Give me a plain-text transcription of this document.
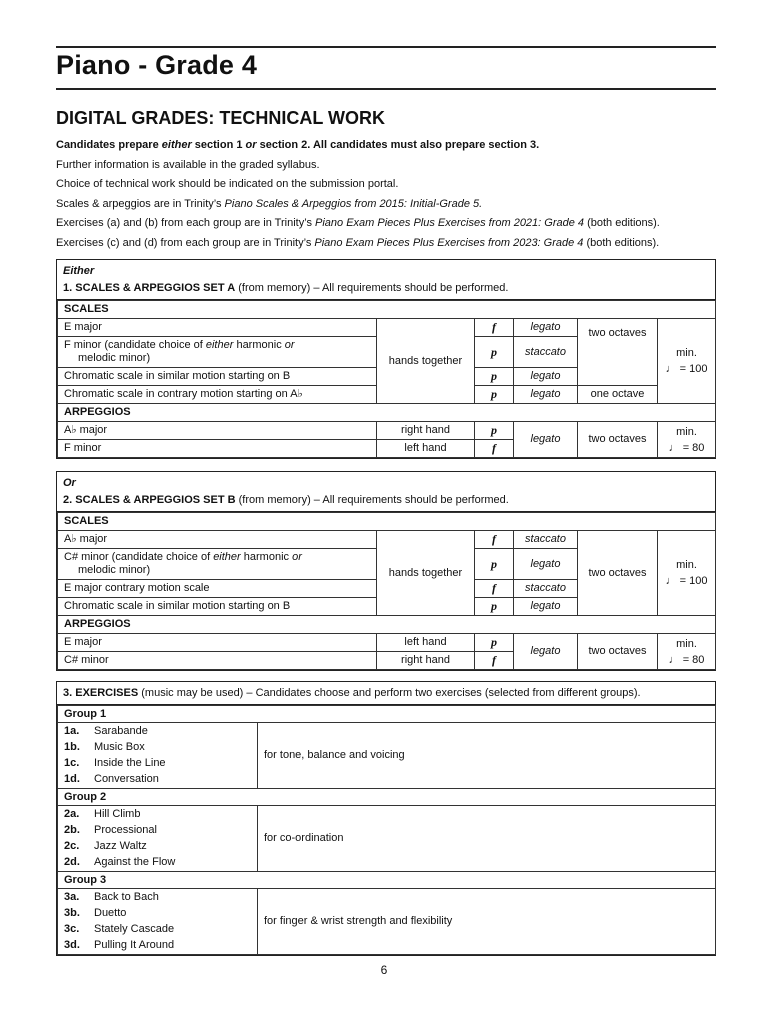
Piano - Grade 4
DIGITAL GRADES: TECHNICAL WORK
Candidates prepare either section 1 or section 2. All candidates must also prepare section 3.
Further information is available in the graded syllabus.
Choice of technical work should be indicated on the submission portal.
Scales & arpeggios are in Trinity’s Piano Scales & Arpeggios from 2015: Initial-Grade 5.
Exercises (a) and (b) from each group are in Trinity’s Piano Exam Pieces Plus Exercises from 2021: Grade 4 (both editions).
Exercises (c) and (d) from each group are in Trinity’s Piano Exam Pieces Plus Exercises from 2023: Grade 4 (both editions).
Either
1. SCALES & ARPEGGIOS SET A (from memory) – All requirements should be performed.
SCALES					
E major	hands together	f	legato	two octaves	min.
♩ = 100

F minor (candidate choice of either harmonic or
melodic minor)		p	staccato		
Chromatic scale in similar motion starting on B		p	legato		
Chromatic scale in contrary motion starting on A♭		p	legato	one octave	
ARPEGGIOS					
A♭ major	right hand	p	legato	two octaves	min.
♩ = 80

F minor	left hand	f			
Or
2. SCALES & ARPEGGIOS SET B (from memory) – All requirements should be performed.
SCALES					
A♭ major	hands together	f	staccato	two octaves	min.
♩ = 100

C# minor (candidate choice of either harmonic or
melodic minor)		p	legato		
E major contrary motion scale		f	staccato		
Chromatic scale in similar motion starting on B		p	legato		
ARPEGGIOS					
E major	left hand	p	legato	two octaves	min.
♩ = 80

C# minor	right hand	f			
3. EXERCISES (music may be used) – Candidates choose and perform two exercises (selected from different groups).
Group 1	

1a. Sarabande
1b. Music Box
1c. Inside the Line
1d. Conversation	for tone, balance and voicing
Group 2	

2a. Hill Climb
2b. Processional
2c. Jazz Waltz
2d. Against the Flow	for co-ordination
Group 3	

3a. Back to Bach
3b. Duetto
3c. Stately Cascade
3d. Pulling It Around	for finger & wrist strength and flexibility
6
